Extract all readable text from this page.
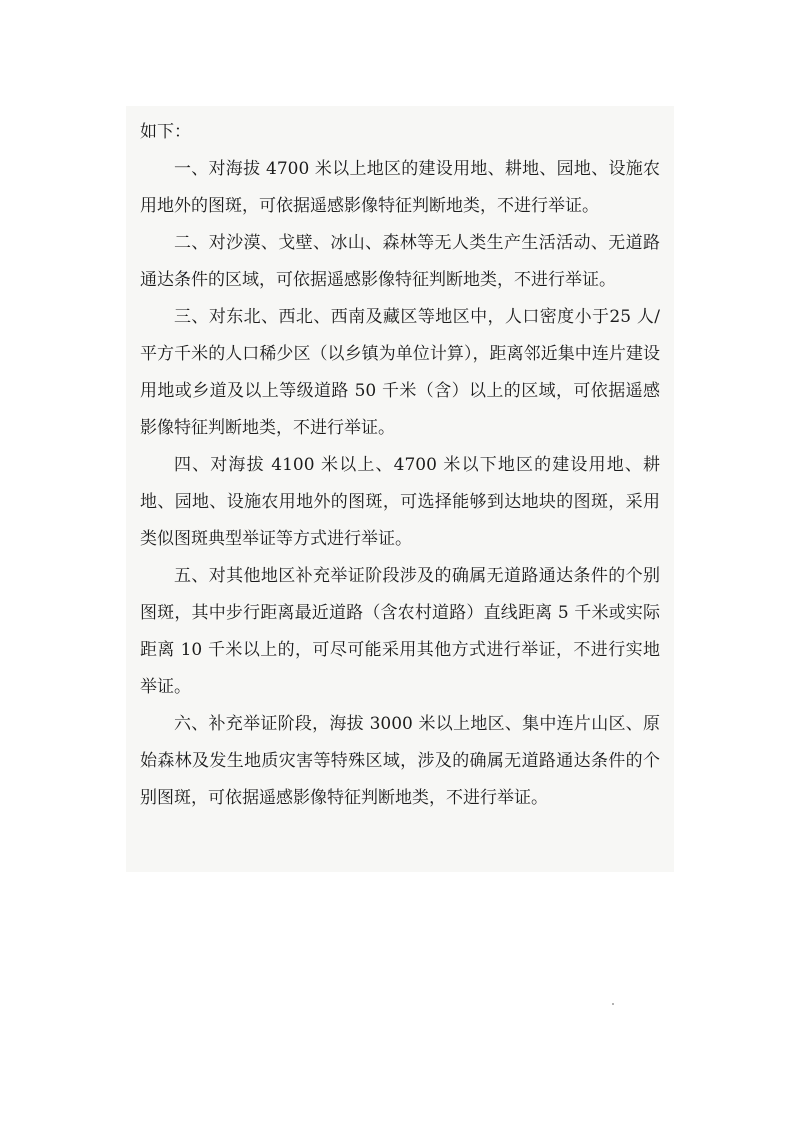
如下：

一、对海拔 4700 米以上地区的建设用地、耕地、园地、设施农用地外的图斑，可依据遥感影像特征判断地类，不进行举证。

二、对沙漠、戈壁、冰山、森林等无人类生产生活活动、无道路通达条件的区域，可依据遥感影像特征判断地类，不进行举证。

三、对东北、西北、西南及藏区等地区中，人口密度小于25 人/平方千米的人口稀少区（以乡镇为单位计算），距离邻近集中连片建设用地或乡道及以上等级道路 50 千米（含）以上的区域，可依据遥感影像特征判断地类，不进行举证。

四、对海拔 4100 米以上、4700 米以下地区的建设用地、耕地、园地、设施农用地外的图斑，可选择能够到达地块的图斑，采用类似图斑典型举证等方式进行举证。

五、对其他地区补充举证阶段涉及的确属无道路通达条件的个别图斑，其中步行距离最近道路（含农村道路）直线距离 5 千米或实际距离 10 千米以上的，可尽可能采用其他方式进行举证，不进行实地举证。

六、补充举证阶段，海拔 3000 米以上地区、集中连片山区、原始森林及发生地质灾害等特殊区域，涉及的确属无道路通达条件的个别图斑，可依据遥感影像特征判断地类，不进行举证。
